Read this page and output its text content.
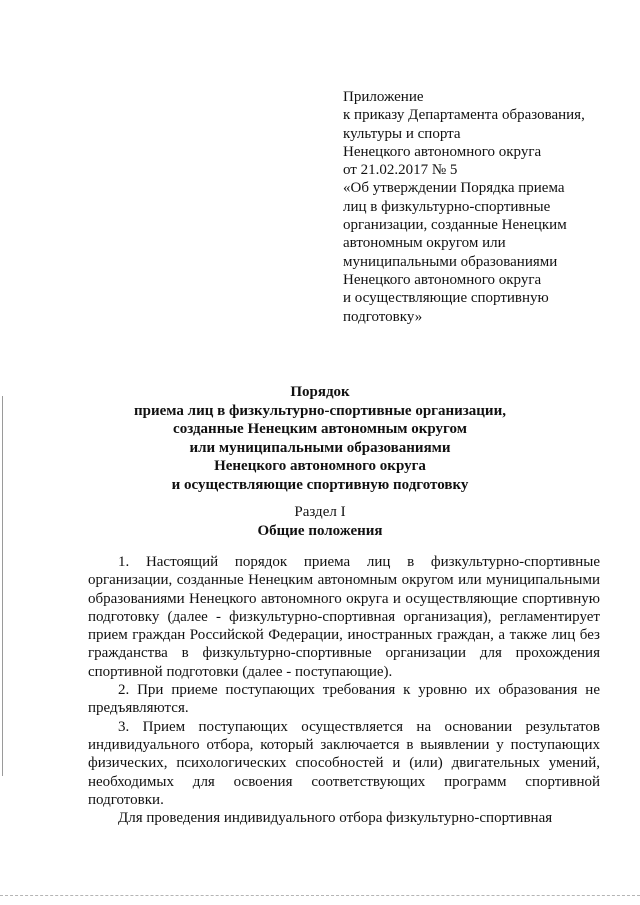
Приложение
к приказу Департамента образования,
культуры и спорта
Ненецкого автономного округа
от 21.02.2017 № 5
«Об утверждении Порядка приема
лиц в физкультурно-спортивные
организации, созданные Ненецким
автономным округом или
муниципальными образованиями
Ненецкого автономного округа
и осуществляющие спортивную
подготовку»
Порядок
приема лиц в физкультурно-спортивные организации,
созданные Ненецким автономным округом
или муниципальными образованиями
Ненецкого автономного округа
и осуществляющие спортивную подготовку
Раздел I
Общие положения

1. Настоящий порядок приема лиц в физкультурно-спортивные организации, созданные Ненецким автономным округом или муниципальными образованиями Ненецкого автономного округа и осуществляющие спортивную подготовку (далее - физкультурно-спортивная организация), регламентирует прием граждан Российской Федерации, иностранных граждан, а также лиц без гражданства в физкультурно-спортивные организации для прохождения спортивной подготовки (далее - поступающие).

2. При приеме поступающих требования к уровню их образования не предъявляются.

3. Прием поступающих осуществляется на основании результатов индивидуального отбора, который заключается в выявлении у поступающих физических, психологических способностей и (или) двигательных умений, необходимых для освоения соответствующих программ спортивной подготовки.

Для проведения индивидуального отбора физкультурно-спортивная
